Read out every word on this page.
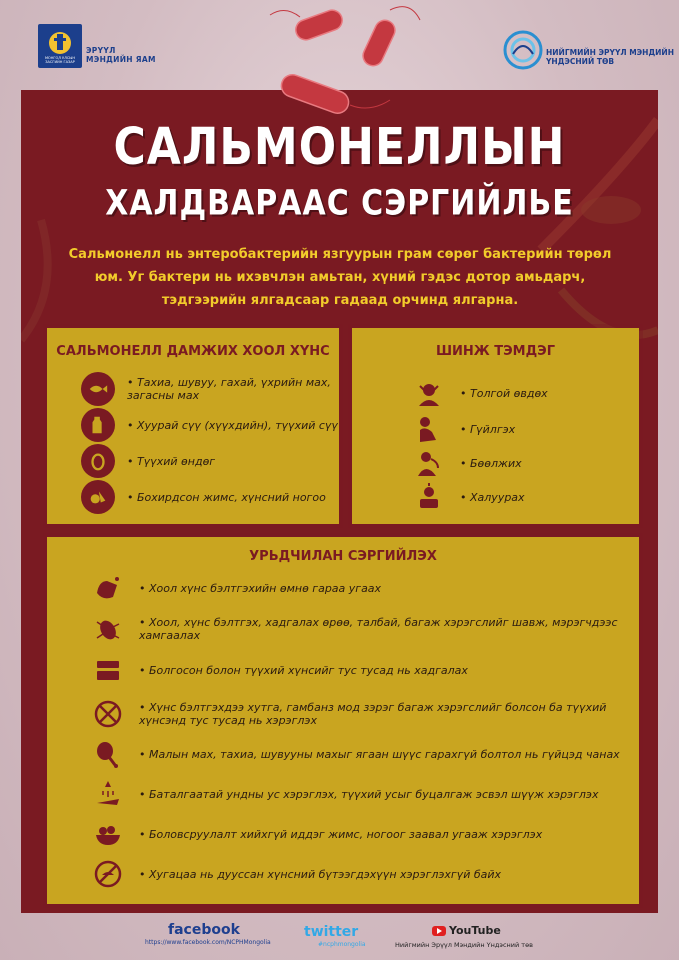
МОНГОЛ УЛСЫН
ЗАСГИЙН ГАЗАР
ЭРҮҮЛ
МЭНДИЙН ЯАМ
НИЙГМИЙН ЭРҮҮЛ МЭНДИЙН
ҮНДЭСНИЙ ТӨВ
САЛЬМОНЕЛЛЫН
ХАЛДВАРААС СЭРГИЙЛЬЕ
Сальмонелл нь энтеробактерийн язгуурын грам сөрөг бактерийн төрөл юм. Уг бактери нь ихэвчлэн амьтан, хүний гэдэс дотор амьдарч, тэдгээрийн ялгадсаар гадаад орчинд ялгарна.
САЛЬМОНЕЛЛ ДАМЖИХ ХООЛ ХҮНС
• Тахиа, шувуу, гахай, үхрийн мах, загасны мах
• Хуурай сүү (хүүхдийн), түүхий сүү
• Түүхий өндөг
• Бохирдсон жимс, хүнсний ногоо
ШИНЖ ТЭМДЭГ
• Толгой өвдөх
• Гүйлгэх
• Бөөлжих
• Халуурах
УРЬДЧИЛАН СЭРГИЙЛЭХ
• Хоол хүнс бэлтгэхийн өмнө гараа угаах
• Хоол, хүнс бэлтгэх, хадгалах өрөө, талбай, багаж хэрэгслийг шавж, мэрэгчдээс хамгаалах
• Болгосон болон түүхий хүнсийг тус тусад нь хадгалах
• Хүнс бэлтгэхдээ хутга, гамбанз мод зэрэг багаж хэрэгслийг болсон ба түүхий хүнсэнд тус тусад нь хэрэглэх
• Малын мах, тахиа, шувууны махыг ягаан шүүс гарахгүй болтол нь гүйцэд чанах
• Баталгаатай ундны ус хэрэглэх, түүхий усыг буцалгаж эсвэл шүүж хэрэглэх
• Боловсруулалт хийхгүй иддэг жимс, ногоог заавал угааж хэрэглэх
• Хугацаа нь дууссан хүнсний бүтээгдэхүүн хэрэглэхгүй байх
facebook
https://www.facebook.com/NCPHMongolia
twitter
#ncphmongolia
YouTube
Нийгмийн Эрүүл Мэндийн Үндэсний төв
